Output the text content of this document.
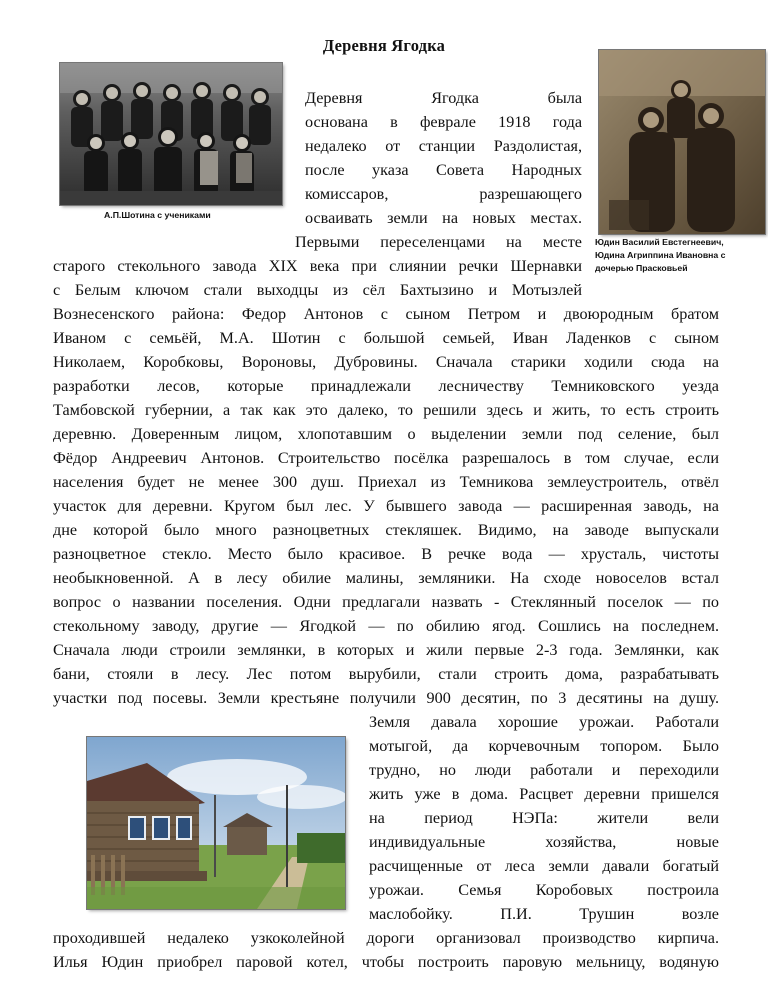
Деревня Ягодка
А.П.Шотина с учениками
Юдин Василий Евстегнеевич,
Юдина Агриппина Ивановна с
дочерью Прасковьей
Деревня Ягодка была
основана в феврале 1918 года
недалеко от станции Раздолистая,
после указа Совета Народных
комиссаров, разрешающего
осваивать земли на новых местах.
Первыми переселенцами на месте
старого стекольного завода XIX века при слиянии речки Шернавки
с Белым ключом стали выходцы из сёл Бахтызино и Мотызлей
Вознесенского района: Федор Антонов с сыном Петром и двоюродным братом
Иваном с семьёй, М.А. Шотин с большой семьей, Иван Ладенков с сыном
Николаем, Коробковы, Вороновы, Дубровины. Сначала старики ходили сюда на
разработки лесов, которые принадлежали лесничеству Темниковского уезда
Тамбовской губернии, а так как это далеко, то решили здесь и жить, то есть строить
деревню. Доверенным лицом, хлопотавшим о выделении земли под селение, был
Фёдор Андреевич Антонов. Строительство посёлка разрешалось в том случае, если
населения будет не менее 300 душ. Приехал из Темникова землеустроитель, отвёл
участок для деревни. Кругом был лес. У бывшего завода — расширенная заводь, на
дне которой было много разноцветных стекляшек. Видимо, на заводе выпускали
разноцветное стекло. Место было красивое. В речке вода — хрусталь, чистоты
необыкновенной. А в лесу обилие малины, земляники. На сходе новоселов встал
вопрос о названии поселения. Одни предлагали назвать - Стеклянный поселок — по
стекольному заводу, другие — Ягодкой — по обилию ягод. Сошлись на последнем.
Сначала люди строили землянки, в которых и жили первые 2-3 года. Землянки, как
бани, стояли в лесу. Лес потом вырубили, стали строить дома, разрабатывать
участки под посевы. Земли крестьяне получили 900 десятин, по 3 десятины на душу.
Земля давала хорошие урожаи. Работали
мотыгой, да корчевочным топором. Было
трудно, но люди работали и переходили
жить уже в дома. Расцвет деревни пришелся
на период НЭПа: жители вели
индивидуальные хозяйства, новые
расчищенные от леса земли давали богатый
урожаи. Семья Коробовых построила
маслобойку. П.И. Трушин возле
проходившей недалеко узкоколейной дороги организовал производство кирпича.
Илья Юдин приобрел паровой котел, чтобы построить паровую мельницу, водяную
